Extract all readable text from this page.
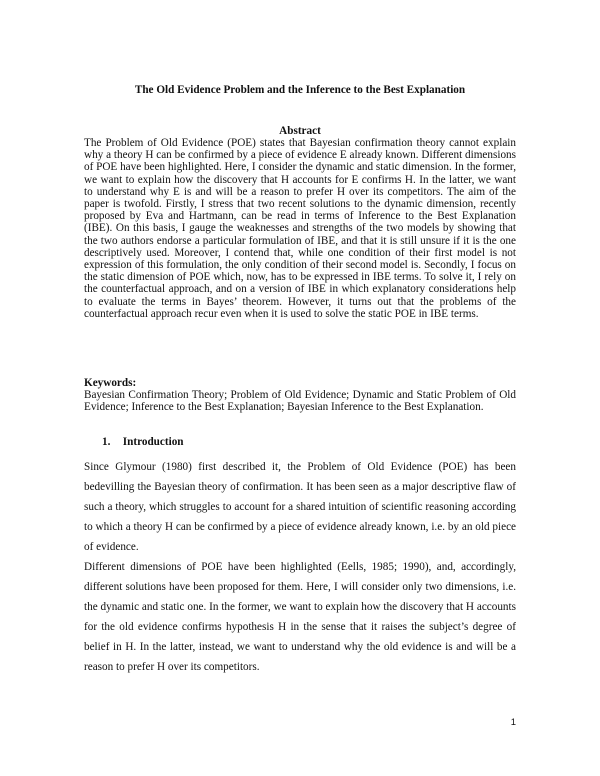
The Old Evidence Problem and the Inference to the Best Explanation
Abstract

The Problem of Old Evidence (POE) states that Bayesian confirmation theory cannot explain why a theory H can be confirmed by a piece of evidence E already known. Different dimensions of POE have been highlighted. Here, I consider the dynamic and static dimension. In the former, we want to explain how the discovery that H accounts for E confirms H. In the latter, we want to understand why E is and will be a reason to prefer H over its competitors. The aim of the paper is twofold. Firstly, I stress that two recent solutions to the dynamic dimension, recently proposed by Eva and Hartmann, can be read in terms of Inference to the Best Explanation (IBE). On this basis, I gauge the weaknesses and strengths of the two models by showing that the two authors endorse a particular formulation of IBE, and that it is still unsure if it is the one descriptively used. Moreover, I contend that, while one condition of their first model is not expression of this formulation, the only condition of their second model is. Secondly, I focus on the static dimension of POE which, now, has to be expressed in IBE terms. To solve it, I rely on the counterfactual approach, and on a version of IBE in which explanatory considerations help to evaluate the terms in Bayes’ theorem. However, it turns out that the problems of the counterfactual approach recur even when it is used to solve the static POE in IBE terms.

Keywords:

Bayesian Confirmation Theory; Problem of Old Evidence; Dynamic and Static Problem of Old Evidence; Inference to the Best Explanation; Bayesian Inference to the Best Explanation.

1. Introduction

Since Glymour (1980) first described it, the Problem of Old Evidence (POE) has been bedevilling the Bayesian theory of confirmation. It has been seen as a major descriptive flaw of such a theory, which struggles to account for a shared intuition of scientific reasoning according to which a theory H can be confirmed by a piece of evidence already known, i.e. by an old piece of evidence.

Different dimensions of POE have been highlighted (Eells, 1985; 1990), and, accordingly, different solutions have been proposed for them. Here, I will consider only two dimensions, i.e. the dynamic and static one. In the former, we want to explain how the discovery that H accounts for the old evidence confirms hypothesis H in the sense that it raises the subject’s degree of belief in H. In the latter, instead, we want to understand why the old evidence is and will be a reason to prefer H over its competitors.

1
